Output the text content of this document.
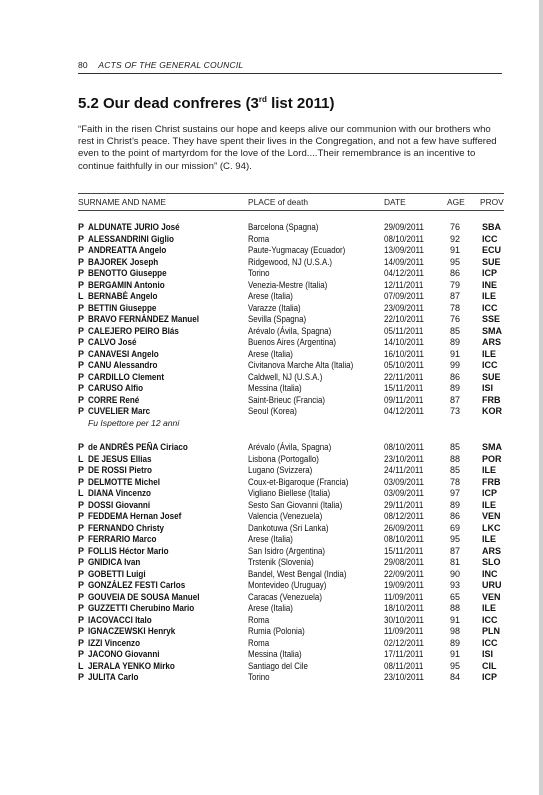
80 ACTS OF THE GENERAL COUNCIL
5.2 Our dead confreres (3rd list 2011)
“Faith in the risen Christ sustains our hope and keeps alive our communion with our brothers who rest in Christ’s peace. They have spent their lives in the Congregation, and not a few have suffered even to the point of martyrdom for the love of the Lord....Their remembrance is an incentive to continue faithfully in our mission” (C. 94).
SURNAME AND NAME	PLACE of death	DATE	AGE PROV
P ALDUNATE JURIO José	Barcelona (Spagna)	29/09/2011	76 SBA
P ALESSANDRINI Giglio	Roma	08/10/2011	92 ICC
P ANDREATTA Angelo	Paute-Yugmacay (Ecuador)	13/09/2011	91 ECU
P BAJOREK Joseph	Ridgewood, NJ (U.S.A.)	14/09/2011	95 SUE
P BENOTTO Giuseppe	Torino	04/12/2011	86 ICP
P BERGAMIN Antonio	Venezia-Mestre (Italia)	12/11/2011	79 INE
L BERNABÈ Angelo	Arese (Italia)	07/09/2011	87 ILE
P BETTIN Giuseppe	Varazze (Italia)	23/09/2011	78 ICC
P BRAVO FERNÁNDEZ Manuel	Sevilla (Spagna)	22/10/2011	76 SSE
P CALEJERO PEIRO Blás	Arévalo (Ávila, Spagna)	05/11/2011	85 SMA
P CALVO José	Buenos Aires (Argentina)	14/10/2011	89 ARS
P CANAVESI Angelo	Arese (Italia)	16/10/2011	91 ILE
P CANU Alessandro	Civitanova Marche Alta (Italia)	05/10/2011	99 ICC
P CARDILLO Clement	Caldwell, NJ (U.S.A.)	22/11/2011	86 SUE
P CARUSO Alfio	Messina (Italia)	15/11/2011	89 ISI
P CORRE René	Saint-Brieuc (Francia)	09/11/2011	87 FRB
P CUVELIER Marc	Seoul (Korea)	04/12/2011	73 KOR
Fu Ispettore per 12 anni
P de ANDRÉS PEÑA Ciriaco	Arévalo (Ávila, Spagna)	08/10/2011	85 SMA
L DE JESUS Ellias	Lisbona (Portogallo)	23/10/2011	88 POR
P DE ROSSI Pietro	Lugano (Svizzera)	24/11/2011	85 ILE
P DELMOTTE Michel	Coux-et-Bigaroque (Francia)	03/09/2011	78 FRB
L DIANA Vincenzo	Vigliano Biellese (Italia)	03/09/2011	97 ICP
P DOSSI Giovanni	Sesto San Giovanni (Italia)	29/11/2011	89 ILE
P FEDDEMA Hernan Josef	Valencia (Venezuela)	08/12/2011	86 VEN
P FERNANDO Christy	Dankotuwa (Sri Lanka)	26/09/2011	69 LKC
P FERRARIO Marco	Arese (Italia)	08/10/2011	95 ILE
P FOLLIS Héctor Mario	San Isidro (Argentina)	15/11/2011	87 ARS
P GNIDICA Ivan	Trstenik (Slovenia)	29/08/2011	81 SLO
P GOBETTI Luigi	Bandel, West Bengal (India)	22/09/2011	90 INC
P GONZÁLEZ FESTI Carlos	Montevideo (Uruguay)	19/09/2011	93 URU
P GOUVEIA DE SOUSA Manuel	Caracas (Venezuela)	11/09/2011	65 VEN
P GUZZETTI Cherubino Mario	Arese (Italia)	18/10/2011	88 ILE
P IACOVACCI Italo	Roma	30/10/2011	91 ICC
P IGNACZEWSKI Henryk	Rumia (Polonia)	11/09/2011	98 PLN
P IZZI Vincenzo	Roma	02/12/2011	89 ICC
P JACONO Giovanni	Messina (Italia)	17/11/2011	91 ISI
L JERALA YENKO Mirko	Santiago del Cile	08/11/2011	95 CIL
P JULITA Carlo	Torino	23/10/2011	84 ICP
